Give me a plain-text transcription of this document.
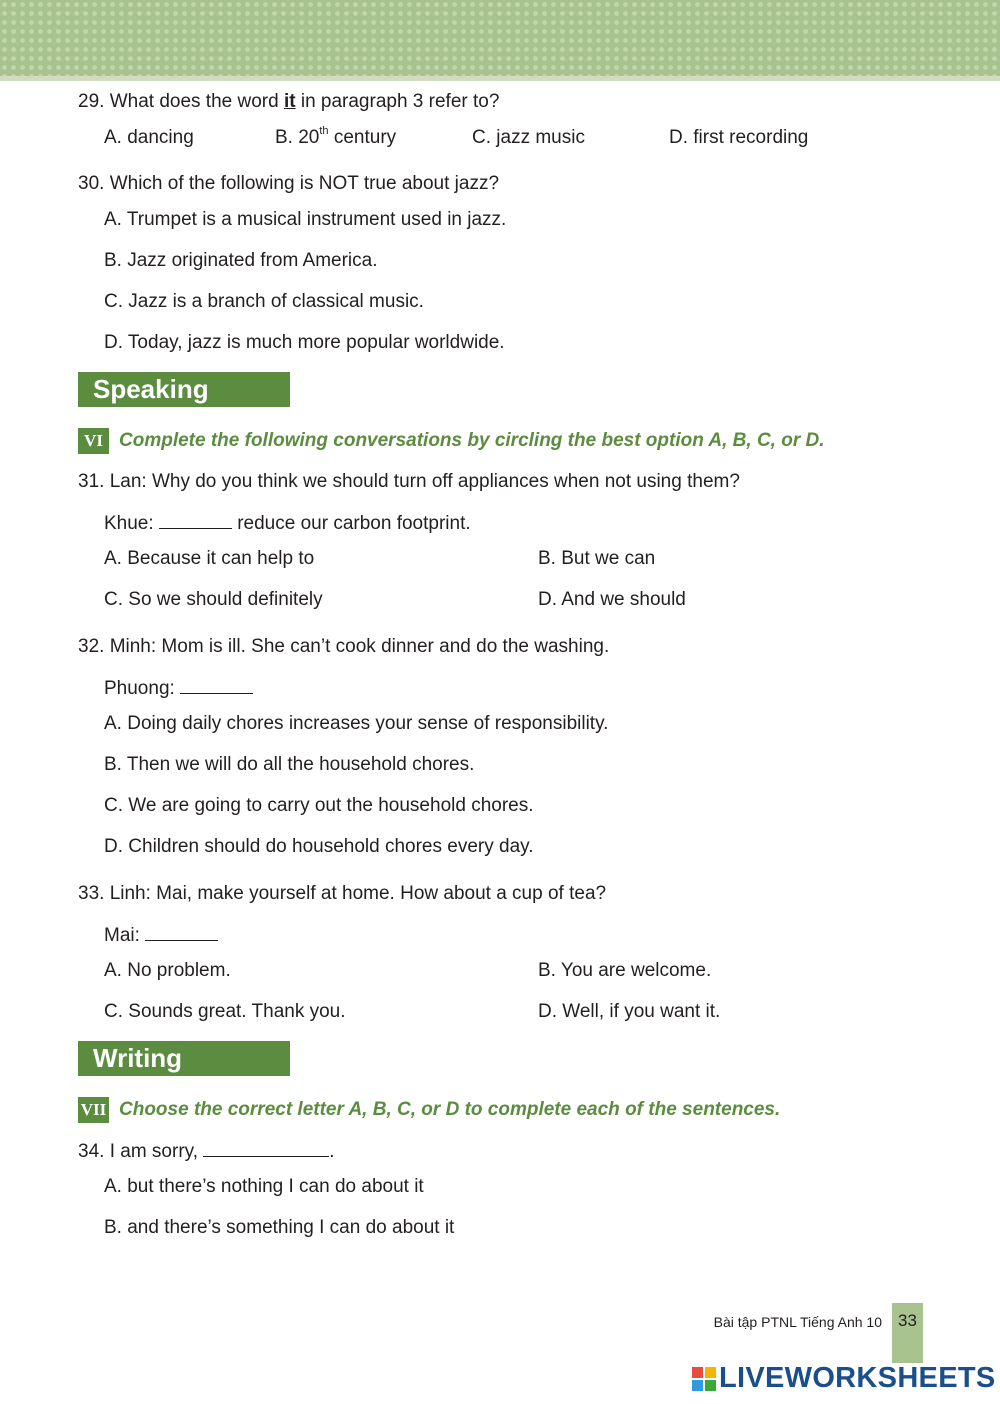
29. What does the word it in paragraph 3 refer to?
A. dancing	B. 20th century	C. jazz music	D. first recording
30. Which of the following is NOT true about jazz?
A. Trumpet is a musical instrument used in jazz.
B. Jazz originated from America.
C. Jazz is a branch of classical music.
D. Today, jazz is much more popular worldwide.
Speaking
VI Complete the following conversations by circling the best option A, B, C, or D.
31. Lan: Why do you think we should turn off appliances when not using them?
Khue:	reduce our carbon footprint.
A. Because it can help to	B. But we can
C. So we should definitely	D. And we should
32. Minh: Mom is ill. She can’t cook dinner and do the washing.
Phuong:
A. Doing daily chores increases your sense of responsibility.
B. Then we will do all the household chores.
C. We are going to carry out the household chores.
D. Children should do household chores every day.
33. Linh: Mai, make yourself at home. How about a cup of tea?
Mai:
A. No problem.	B. You are welcome.
C. Sounds great. Thank you.	D. Well, if you want it.
Writing
VII Choose the correct letter A, B, C, or D to complete each of the sentences.
34. I am sorry,	.
A. but there’s nothing I can do about it
B. and there’s something I can do about it
Bài tập PTNL Tiếng Anh 10 33
LIVEWORKSHEETS
